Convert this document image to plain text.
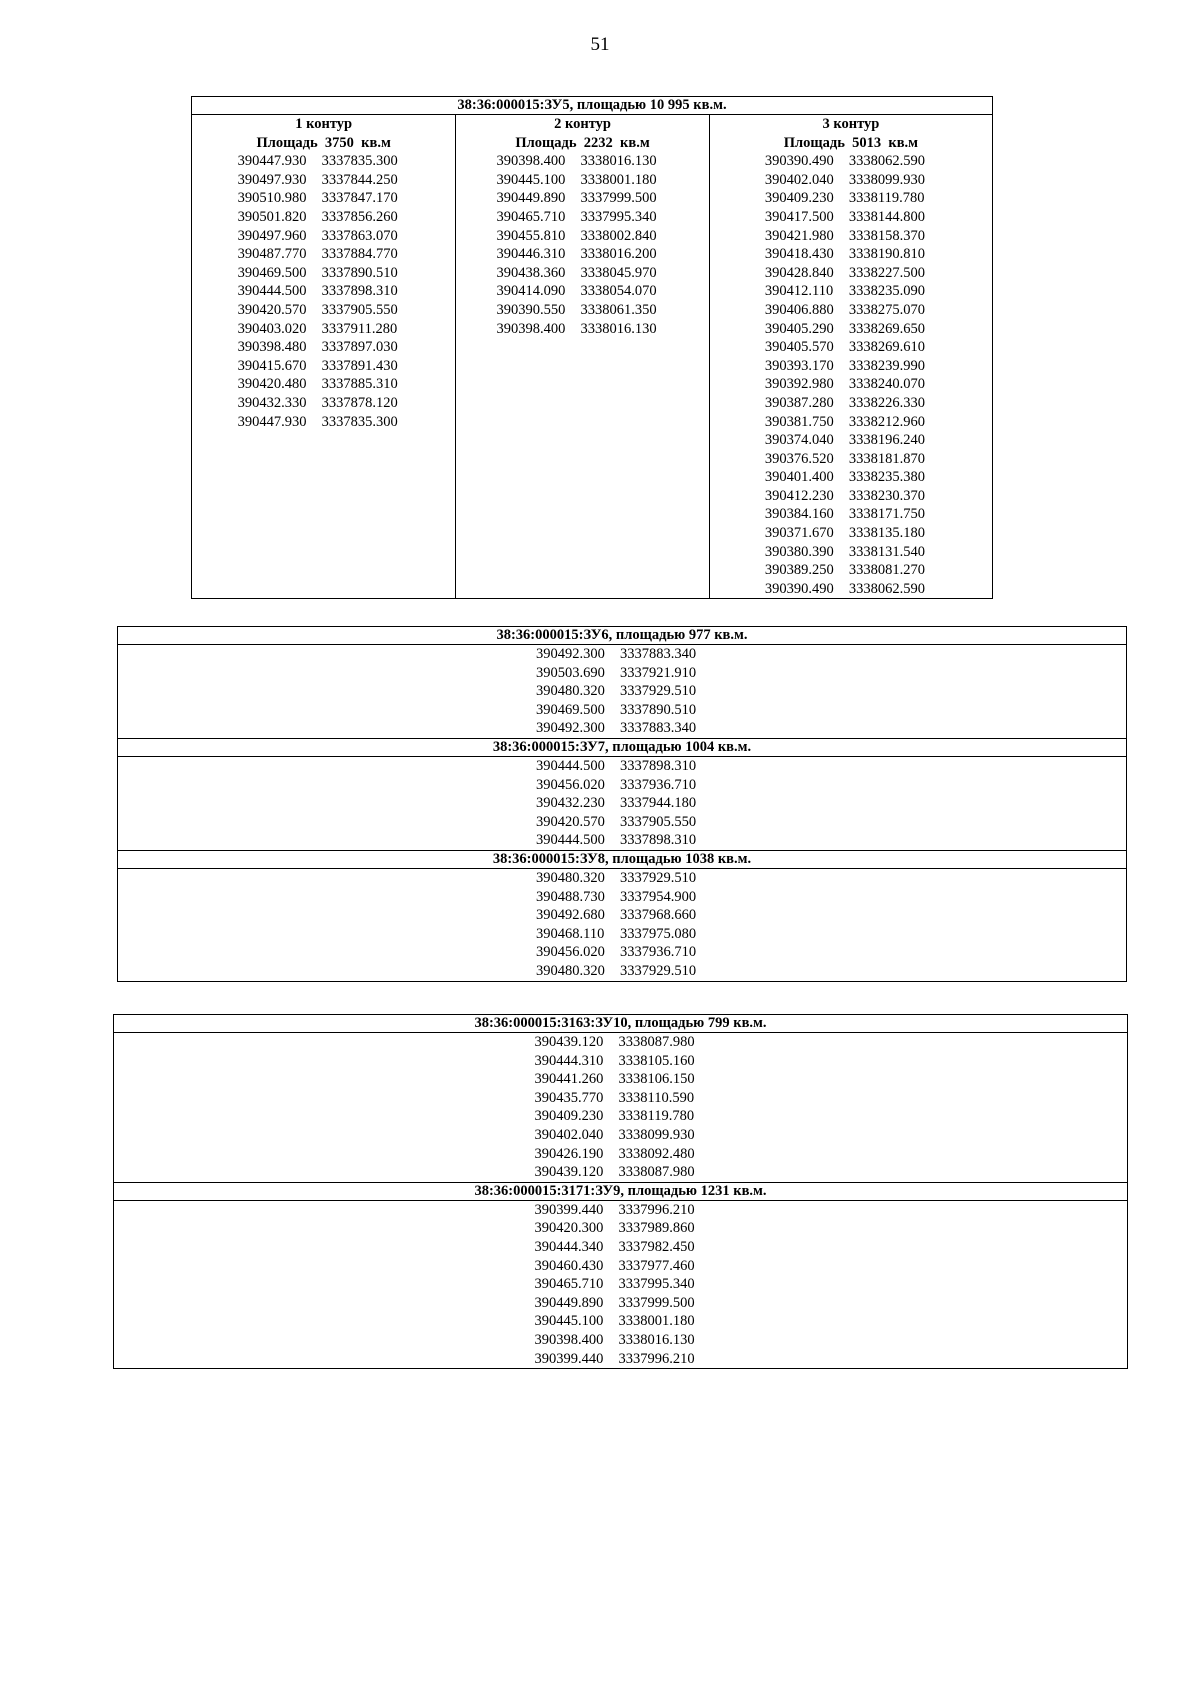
51
38:36:000015:ЗУ5, площадью 10 995 кв.м.

1 контур
Площадь  3750  кв.м
390447.930 3337835.300
390497.930 3337844.250
390510.980 3337847.170
390501.820 3337856.260
390497.960 3337863.070
390487.770 3337884.770
390469.500 3337890.510
390444.500 3337898.310
390420.570 3337905.550
390403.020 3337911.280
390398.480 3337897.030
390415.670 3337891.430
390420.480 3337885.310
390432.330 3337878.120
390447.930 3337835.300

2 контур
Площадь  2232  кв.м
390398.400 3338016.130
390445.100 3338001.180
390449.890 3337999.500
390465.710 3337995.340
390455.810 3338002.840
390446.310 3338016.200
390438.360 3338045.970
390414.090 3338054.070
390390.550 3338061.350
390398.400 3338016.130

3 контур
Площадь  5013  кв.м
390390.490 3338062.590
390402.040 3338099.930
390409.230 3338119.780
390417.500 3338144.800
390421.980 3338158.370
390418.430 3338190.810
390428.840 3338227.500
390412.110 3338235.090
390406.880 3338275.070
390405.290 3338269.650
390405.570 3338269.610
390393.170 3338239.990
390392.980 3338240.070
390387.280 3338226.330
390381.750 3338212.960
390374.040 3338196.240
390376.520 3338181.870
390401.400 3338235.380
390412.230 3338230.370
390384.160 3338171.750
390371.670 3338135.180
390380.390 3338131.540
390389.250 3338081.270
390390.490 3338062.590
38:36:000015:ЗУ6, площадью 977 кв.м.

390492.300 3337883.340
390503.690 3337921.910
390480.320 3337929.510
390469.500 3337890.510
390492.300 3337883.340

38:36:000015:ЗУ7, площадью 1004 кв.м.

390444.500 3337898.310
390456.020 3337936.710
390432.230 3337944.180
390420.570 3337905.550
390444.500 3337898.310

38:36:000015:ЗУ8, площадью 1038 кв.м.

390480.320 3337929.510
390488.730 3337954.900
390492.680 3337968.660
390468.110 3337975.080
390456.020 3337936.710
390480.320 3337929.510
38:36:000015:3163:ЗУ10, площадью 799 кв.м.

390439.120 3338087.980
390444.310 3338105.160
390441.260 3338106.150
390435.770 3338110.590
390409.230 3338119.780
390402.040 3338099.930
390426.190 3338092.480
390439.120 3338087.980

38:36:000015:3171:ЗУ9, площадью 1231 кв.м.

390399.440 3337996.210
390420.300 3337989.860
390444.340 3337982.450
390460.430 3337977.460
390465.710 3337995.340
390449.890 3337999.500
390445.100 3338001.180
390398.400 3338016.130
390399.440 3337996.210
